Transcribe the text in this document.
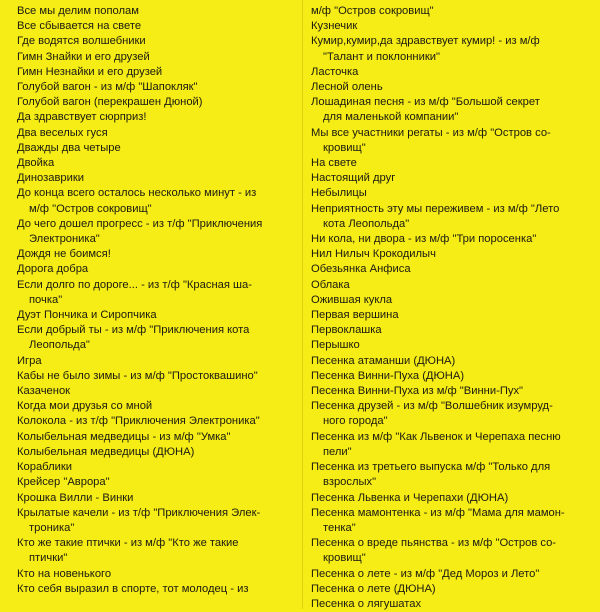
Все мы делим пополам
Все сбывается на свете
Где водятся волшебники
Гимн Знайки и его друзей
Гимн Незнайки и его друзей
Голубой вагон - из м/ф "Шапокляк"
Голубой вагон (перекрашен Дюной)
Да здравствует сюрприз!
Два веселых гуся
Дважды два четыре
Двойка
Динозаврики
До конца всего осталось несколько минут - из
м/ф "Остров сокровищ"
До чего дошел прогресс - из т/ф "Приключения
Электроника"
Дождя не боимся!
Дорога добра
Если долго по дороге... - из т/ф "Красная ша-
почка"
Дуэт Пончика и Сиропчика
Если добрый ты - из м/ф "Приключения кота
Леопольда"
Игра
Кабы не было зимы - из м/ф "Простоквашино"
Казаченок
Когда мои друзья со мной
Колокола - из т/ф "Приключения Электроника"
Колыбельная медведицы - из м/ф "Умка"
Колыбельная медведицы (ДЮНА)
Кораблики
Крейсер "Аврора"
Крошка Вилли - Винки
Крылатые качели - из т/ф "Приключения Элек-
троника"
Кто же такие птички - из м/ф "Кто же такие
птички"
Кто на новенького
Кто себя выразил в спорте, тот молодец - из
м/ф "Остров сокровищ"
Кузнечик
Кумир,кумир,да здравствует кумир! - из м/ф
"Талант и поклонники"
Ласточка
Лесной олень
Лошадиная песня - из м/ф "Большой секрет
для маленькой компании"
Мы все участники регаты - из м/ф "Остров со-
кровищ"
На свете
Настоящий друг
Небылицы
Неприятность эту мы переживем - из м/ф "Лето
кота Леопольда"
Ни кола, ни двора - из м/ф "Три поросенка"
Нил Нилыч Крокодилыч
Обезьянка Анфиса
Облака
Ожившая кукла
Первая вершина
Первоклашка
Перышко
Песенка атаманши (ДЮНА)
Песенка Винни-Пуха (ДЮНА)
Песенка Винни-Пуха из м/ф "Винни-Пух"
Песенка друзей - из м/ф "Волшебник изумруд-
ного города"
Песенка из м/ф "Как Львенок и Черепаха песню
пели"
Песенка из третьего выпуска м/ф "Только для
взрослых"
Песенка Львенка и Черепахи (ДЮНА)
Песенка мамонтенка - из м/ф "Мама для мамон-
тенка"
Песенка о вреде пьянства - из м/ф "Остров со-
кровищ"
Песенка о лете - из м/ф "Дед Мороз и Лето"
Песенка о лете (ДЮНА)
Песенка о лягушатах
